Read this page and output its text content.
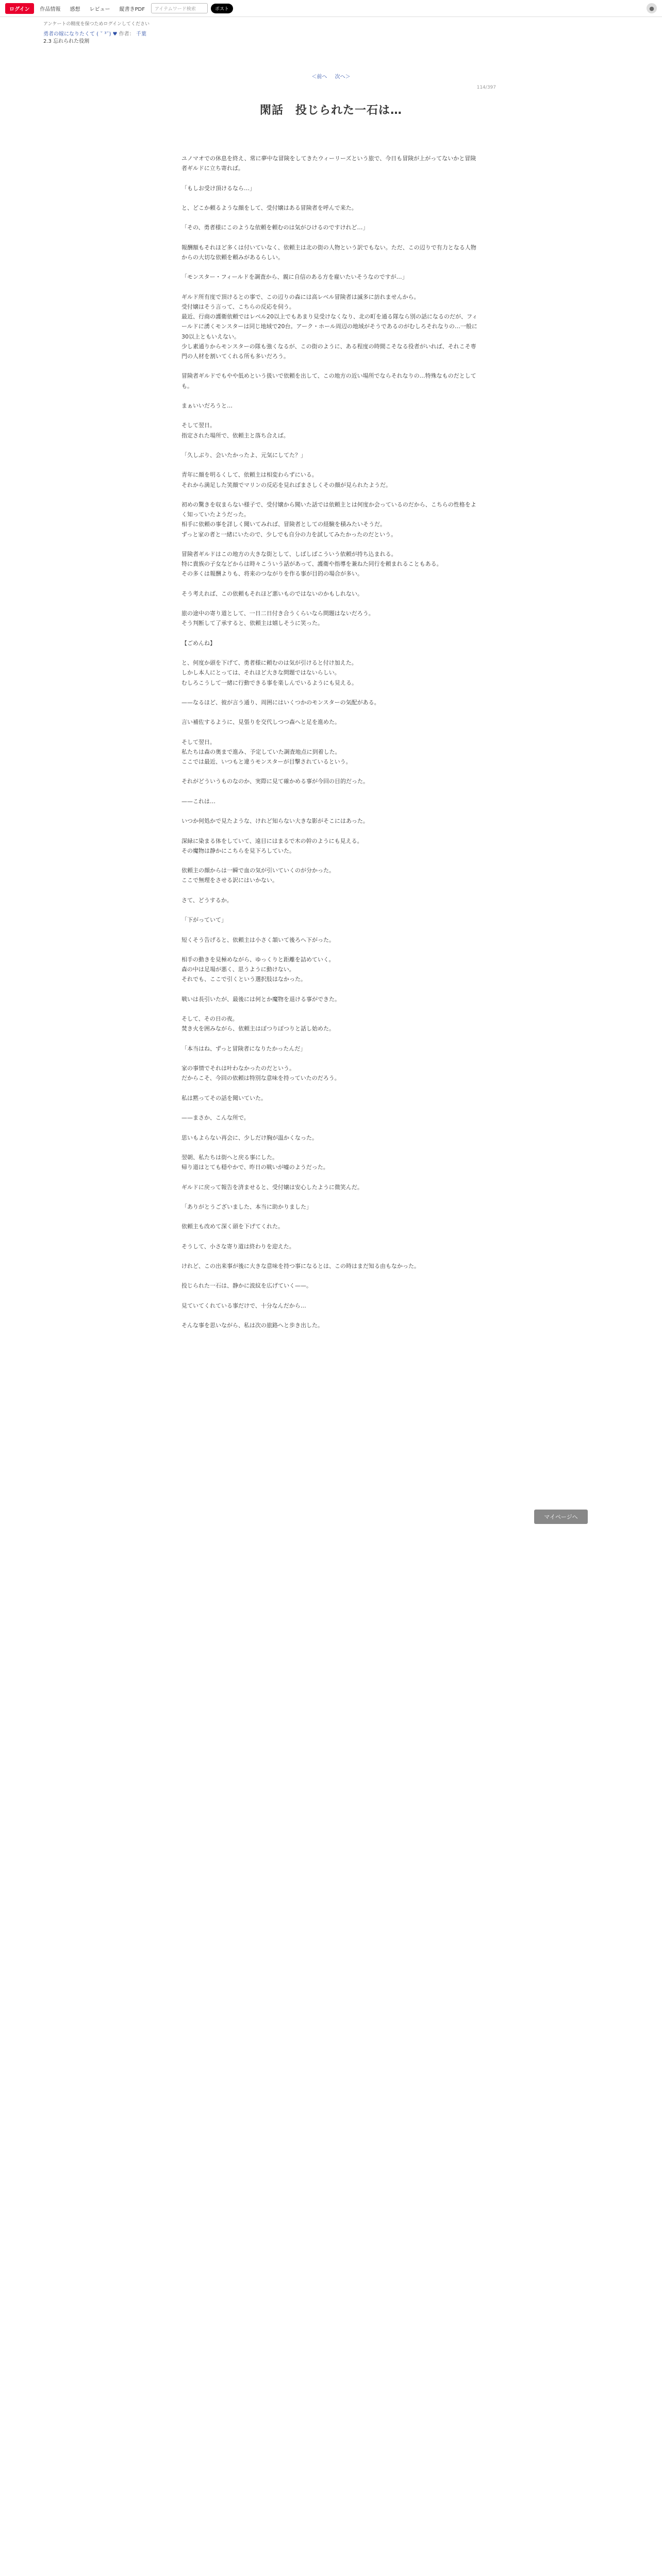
ログイン	作品情報	感想	レビュー	縦書きPDF	アイテムワード検索	ポスト	●
アンケートの精度を保つためログインしてください
勇者の嫁になりたくて ( ˘ ³˘) ♥ 作者： 千葉
2.3 忘れられた役割
＜前へ 次へ＞
114/397
閑話　投じられた一石は…

ユノマオでの休息を終え、常に夢中な冒険をしてきたウィーリーズという旅で、今日も冒険が上がってないかと冒険者ギルドに立ち寄れば。

「もしお受け頂けるなら…」

と、どこか頼るような顔をして、受付嬢はある冒険者を呼んで来た。

「その、勇者様にこのような依頼を頼むのは気がひけるのですけれど…」

報酬額もそれほど多くは付いていなく、依頼主は北の街の人物という訳でもない。ただ、この辺りで有力となる人物からの大切な依頼を頼みがあるらしい。

「モンスター・フィールドを調査から、親に自信のある方を雇いたいそうなのですが…」

ギルド所有度で頂けるとの事で、この辺りの森には高レベル冒険者は滅多に訪れませんから。

受付嬢はそう言って、こちらの反応を伺う。

最近、行商の護衛依頼ではレベル20以上でもあまり見受けなくなり、北の町を通る隊なら別の話になるのだが、フィールドに湧くモンスターは同じ地域で20台。アーク・ホール周辺の地域がそうであるのがむしろそれなりの…一般に30以上ともいえない。

少し素通りからモンスターの隊も強くなるが、この街のように、ある程度の時間こそなる役者がいれば、それこそ専門の人材を割いてくれる所も多いだろう。

冒険者ギルドでもやや低めという扱いで依頼を出して、この地方の近い場所でならそれなりの…特殊なものだとしても。

まぁいいだろうと…

そして翌日。

指定された場所で、依頼主と落ち合えば。

「久しぶり、会いたかったよ、元気にしてた？」

青年に顔を明るくして、依頼主は相変わらずにいる。

それから満足した笑顔でマリンの反応を見ればまさしくその顔が見られたようだ。

初めの驚きを収まらない様子で、受付嬢から聞いた話では依頼主とは何度か会っているのだから、こちらの性格をよく知っていたようだった。

相手に依頼の事を詳しく聞いてみれば、冒険者としての経験を積みたいそうだ。

ずっと家の者と一緒にいたので、少しでも自分の力を試してみたかったのだという。

冒険者ギルドはこの地方の大きな街として、しばしばこういう依頼が持ち込まれる。

特に貴族の子女などからは時々こういう話があって、護衛や指導を兼ねた同行を頼まれることもある。

その多くは報酬よりも、将来のつながりを作る事が目的の場合が多い。

そう考えれば、この依頼もそれほど悪いものではないのかもしれない。

旅の途中の寄り道として、一日二日付き合うくらいなら問題はないだろう。

そう判断して了承すると、依頼主は嬉しそうに笑った。

【ごめんね】

と、何度か頭を下げて、勇者様に頼むのは気が引けると付け加えた。

しかし本人にとっては、それほど大きな問題ではないらしい。

むしろこうして一緒に行動できる事を楽しんでいるようにも見える。

——なるほど、彼が言う通り、周囲にはいくつかのモンスターの気配がある。

言い補佐するように、見張りを交代しつつ森へと足を進めた。

そして翌日。

私たちは森の奥まで進み、予定していた調査地点に到着した。

ここでは最近、いつもと違うモンスターが目撃されているという。

それがどういうものなのか、実際に見て確かめる事が今回の目的だった。

——これは…

いつか何処かで見たような、けれど知らない大きな影がそこにはあった。

深緑に染まる体をしていて、遠目にはまるで木の幹のようにも見える。

その魔物は静かにこちらを見下ろしていた。

依頼主の顔からは一瞬で血の気が引いていくのが分かった。

ここで無理をさせる訳にはいかない。

さて、どうするか。

「下がっていて」

短くそう告げると、依頼主は小さく頷いて後ろへ下がった。

相手の動きを見極めながら、ゆっくりと距離を詰めていく。

森の中は足場が悪く、思うように動けない。

それでも、ここで引くという選択肢はなかった。

戦いは長引いたが、最後には何とか魔物を退ける事ができた。

そして、その日の夜。

焚き火を囲みながら、依頼主はぽつりぽつりと話し始めた。

「本当はね、ずっと冒険者になりたかったんだ」

家の事情でそれは叶わなかったのだという。

だからこそ、今回の依頼は特別な意味を持っていたのだろう。

私は黙ってその話を聞いていた。

——まさか、こんな所で。

思いもよらない再会に、少しだけ胸が温かくなった。

翌朝、私たちは街へと戻る事にした。

帰り道はとても穏やかで、昨日の戦いが嘘のようだった。

ギルドに戻って報告を済ませると、受付嬢は安心したように微笑んだ。

「ありがとうございました、本当に助かりました」

依頼主も改めて深く頭を下げてくれた。

そうして、小さな寄り道は終わりを迎えた。

けれど、この出来事が後に大きな意味を持つ事になるとは、この時はまだ知る由もなかった。

投じられた一石は、静かに波紋を広げていく——。

見ていてくれている事だけで、十分なんだから…

そんな事を思いながら、私は次の旅路へと歩き出した。

マイページへ
